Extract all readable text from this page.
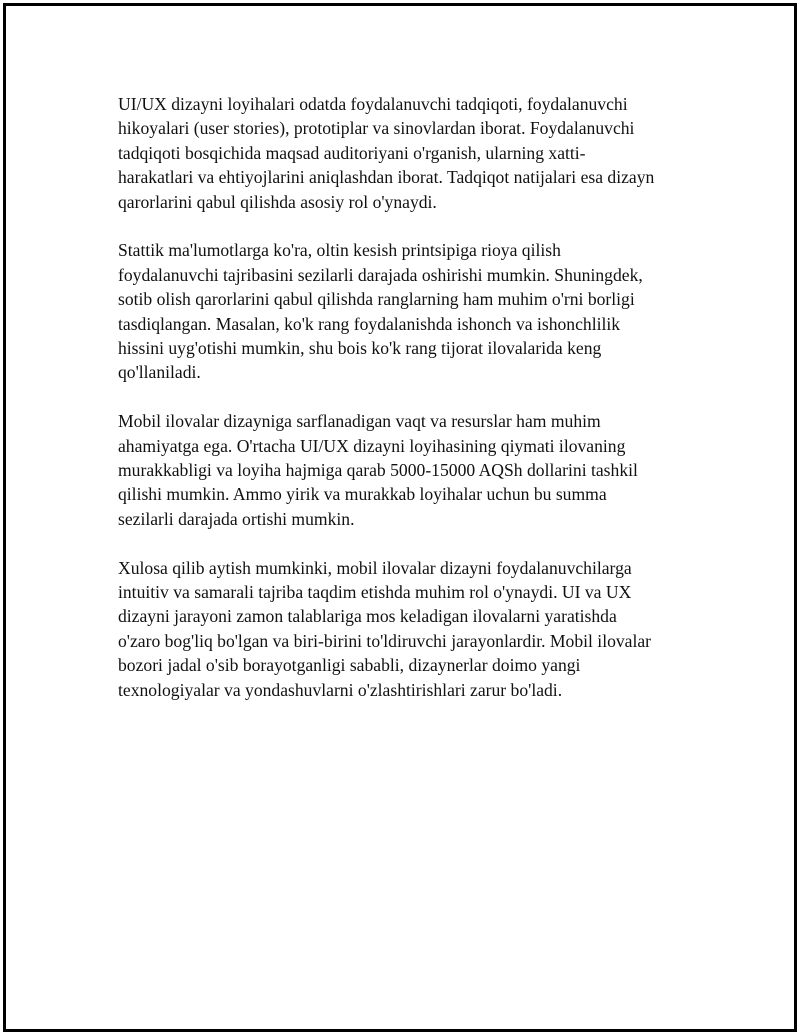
UI/UX dizayni loyihalari odatda foydalanuvchi tadqiqoti, foydalanuvchi
hikoyalari (user stories), prototiplar va sinovlardan iborat. Foydalanuvchi
tadqiqoti bosqichida maqsad auditoriyani o'rganish, ularning xatti-
harakatlari va ehtiyojlarini aniqlashdan iborat. Tadqiqot natijalari esa dizayn
qarorlarini qabul qilishda asosiy rol o'ynaydi.

Stattik ma'lumotlarga ko'ra, oltin kesish printsipiga rioya qilish
foydalanuvchi tajribasini sezilarli darajada oshirishi mumkin. Shuningdek,
sotib olish qarorlarini qabul qilishda ranglarning ham muhim o'rni borligi
tasdiqlangan. Masalan, ko'k rang foydalanishda ishonch va ishonchlilik
hissini uyg'otishi mumkin, shu bois ko'k rang tijorat ilovalarida keng
qo'llaniladi.

Mobil ilovalar dizayniga sarflanadigan vaqt va resurslar ham muhim
ahamiyatga ega. O'rtacha UI/UX dizayni loyihasining qiymati ilovaning
murakkabligi va loyiha hajmiga qarab 5000-15000 AQSh dollarini tashkil
qilishi mumkin. Ammo yirik va murakkab loyihalar uchun bu summa
sezilarli darajada ortishi mumkin.

Xulosa qilib aytish mumkinki, mobil ilovalar dizayni foydalanuvchilarga
intuitiv va samarali tajriba taqdim etishda muhim rol o'ynaydi. UI va UX
dizayni jarayoni zamon talablariga mos keladigan ilovalarni yaratishda
o'zaro bog'liq bo'lgan va biri-birini to'ldiruvchi jarayonlardir. Mobil ilovalar
bozori jadal o'sib borayotganligi sababli, dizaynerlar doimo yangi
texnologiyalar va yondashuvlarni o'zlashtirishlari zarur bo'ladi.
